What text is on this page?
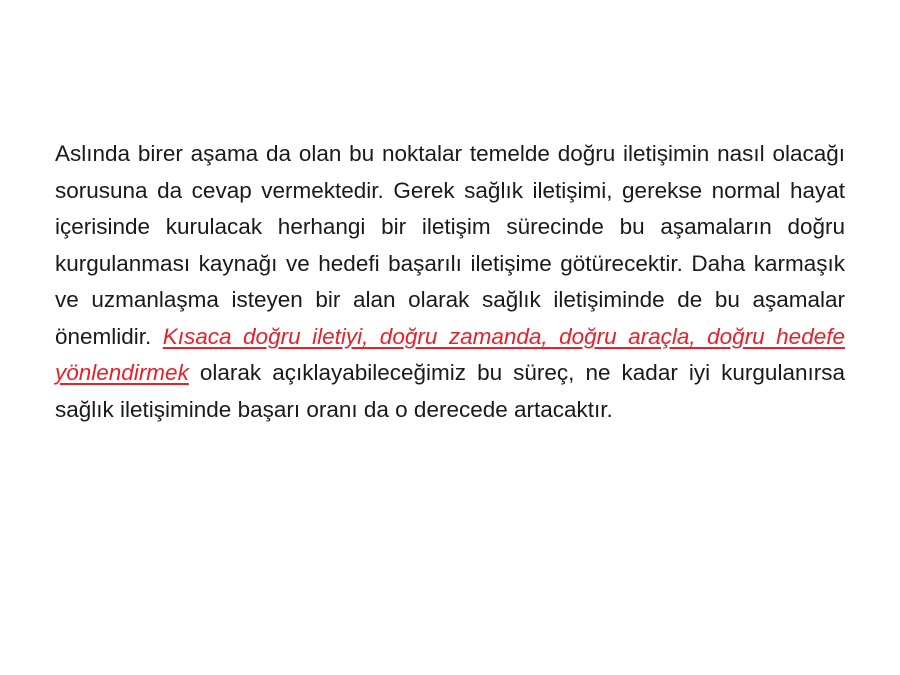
Aslında birer aşama da olan bu noktalar temelde doğru iletişimin nasıl olacağı sorusuna da cevap vermektedir. Gerek sağlık iletişimi, gerekse normal hayat içerisinde kurulacak herhangi bir iletişim sürecinde bu aşamaların doğru kurgulanması kaynağı ve hedefi başarılı iletişime götürecektir. Daha karmaşık ve uzmanlaşma isteyen bir alan olarak sağlık iletişiminde de bu aşamalar önemlidir. Kısaca doğru iletiyi, doğru zamanda, doğru araçla, doğru hedefe yönlendirmek olarak açıklayabileceğimiz bu süreç, ne kadar iyi kurgulanırsa sağlık iletişiminde başarı oranı da o derecede artacaktır.
